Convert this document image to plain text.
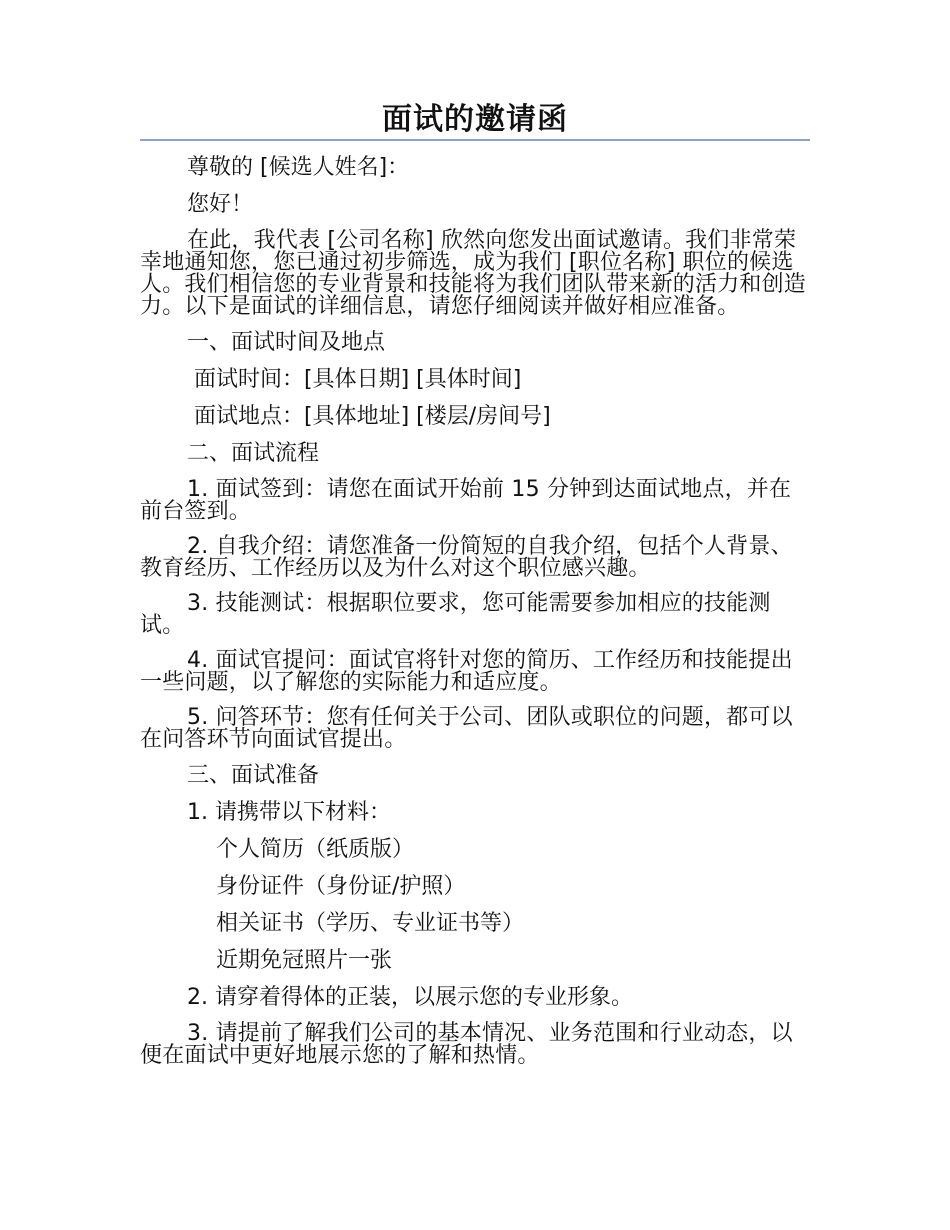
面试的邀请函

尊敬的 [候选人姓名]：

您好！

在此，我代表 [公司名称] 欣然向您发出面试邀请。我们非常荣幸地通知您，您已通过初步筛选，成为我们 [职位名称] 职位的候选人。我们相信您的专业背景和技能将为我们团队带来新的活力和创造力。以下是面试的详细信息，请您仔细阅读并做好相应准备。

一、面试时间及地点

面试时间：[具体日期] [具体时间]

面试地点：[具体地址] [楼层/房间号]

二、面试流程

1. 面试签到：请您在面试开始前 15 分钟到达面试地点，并在前台签到。

2. 自我介绍：请您准备一份简短的自我介绍，包括个人背景、教育经历、工作经历以及为什么对这个职位感兴趣。

3. 技能测试：根据职位要求，您可能需要参加相应的技能测试。

4. 面试官提问：面试官将针对您的简历、工作经历和技能提出一些问题，以了解您的实际能力和适应度。

5. 问答环节：您有任何关于公司、团队或职位的问题，都可以在问答环节向面试官提出。

三、面试准备

1. 请携带以下材料：

个人简历（纸质版）

身份证件（身份证/护照）

相关证书（学历、专业证书等）

近期免冠照片一张

2. 请穿着得体的正装，以展示您的专业形象。

3. 请提前了解我们公司的基本情况、业务范围和行业动态，以便在面试中更好地展示您的了解和热情。
